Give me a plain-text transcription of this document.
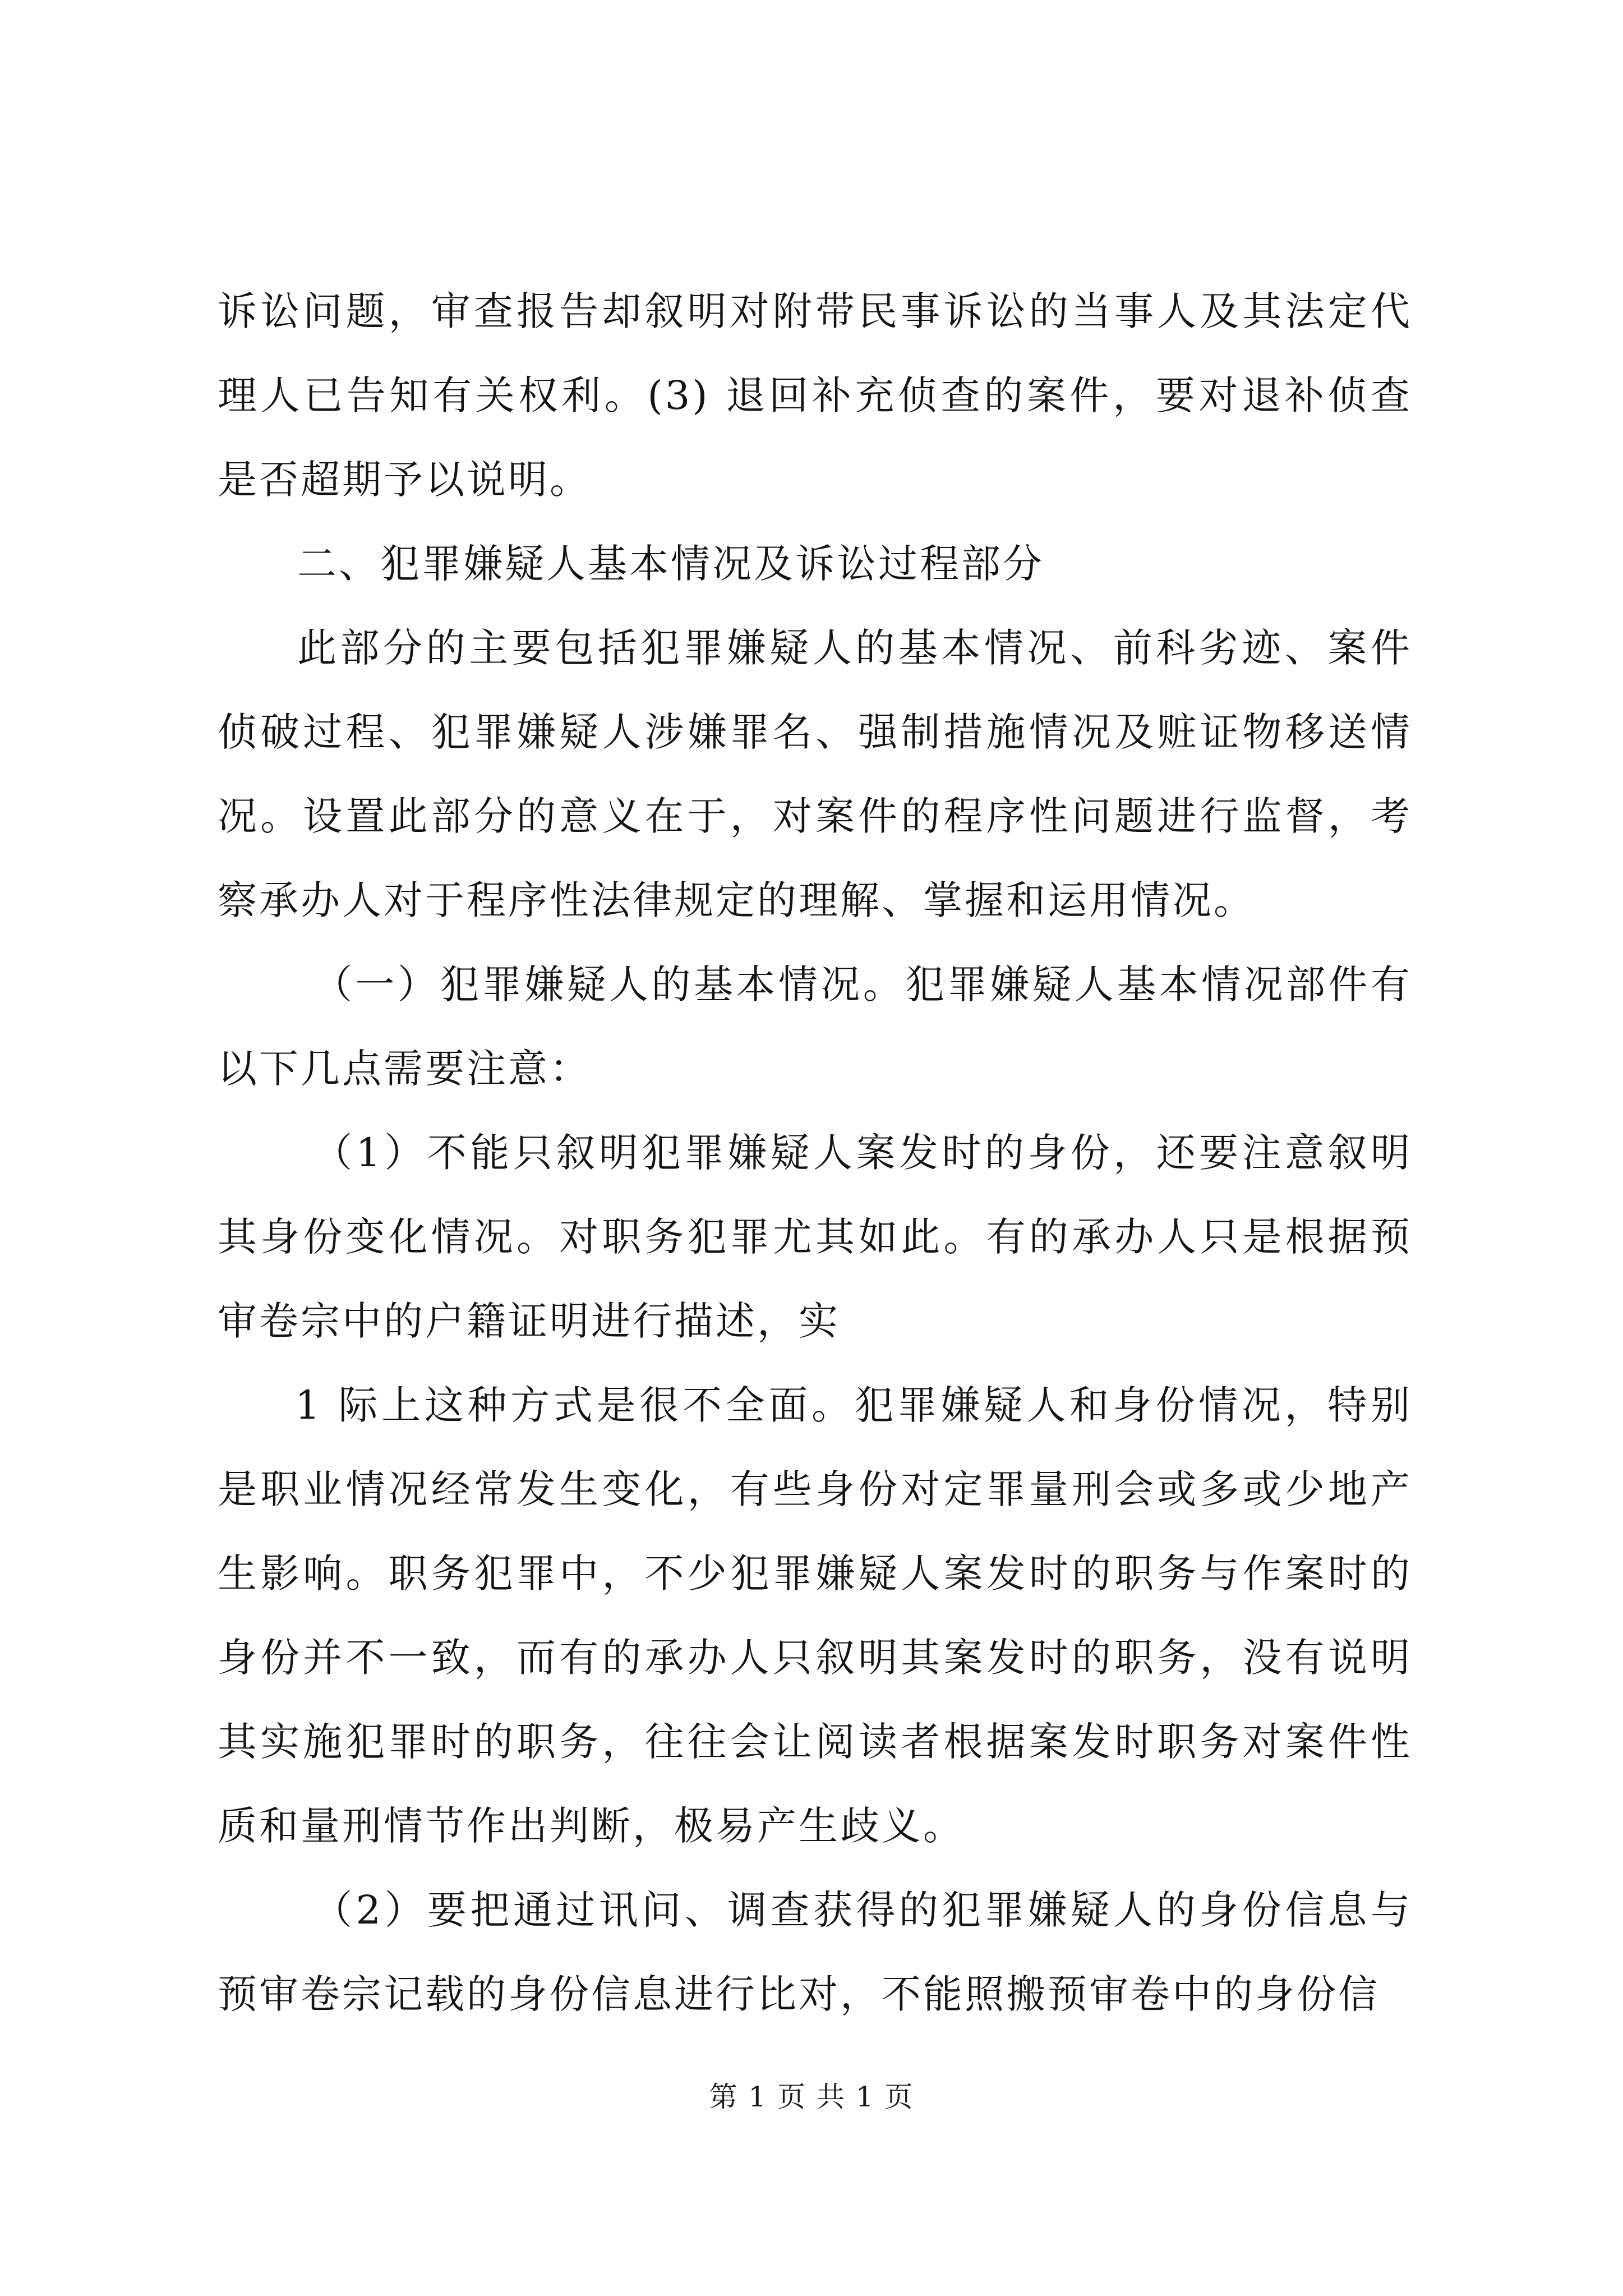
诉讼问题，审查报告却叙明对附带民事诉讼的当事人及其法定代理人已告知有关权利。(3) 退回补充侦查的案件，要对退补侦查是否超期予以说明。

二、犯罪嫌疑人基本情况及诉讼过程部分

此部分的主要包括犯罪嫌疑人的基本情况、前科劣迹、案件侦破过程、犯罪嫌疑人涉嫌罪名、强制措施情况及赃证物移送情况。设置此部分的意义在于，对案件的程序性问题进行监督，考察承办人对于程序性法律规定的理解、掌握和运用情况。

（一）犯罪嫌疑人的基本情况。犯罪嫌疑人基本情况部件有以下几点需要注意：

（1）不能只叙明犯罪嫌疑人案发时的身份，还要注意叙明其身份变化情况。对职务犯罪尤其如此。有的承办人只是根据预审卷宗中的户籍证明进行描述，实

1 际上这种方式是很不全面。犯罪嫌疑人和身份情况，特别是职业情况经常发生变化，有些身份对定罪量刑会或多或少地产生影响。职务犯罪中，不少犯罪嫌疑人案发时的职务与作案时的身份并不一致，而有的承办人只叙明其案发时的职务，没有说明其实施犯罪时的职务，往往会让阅读者根据案发时职务对案件性质和量刑情节作出判断，极易产生歧义。

（2）要把通过讯问、调查获得的犯罪嫌疑人的身份信息与预审卷宗记载的身份信息进行比对，不能照搬预审卷中的身份信

第 1 页 共 1 页
